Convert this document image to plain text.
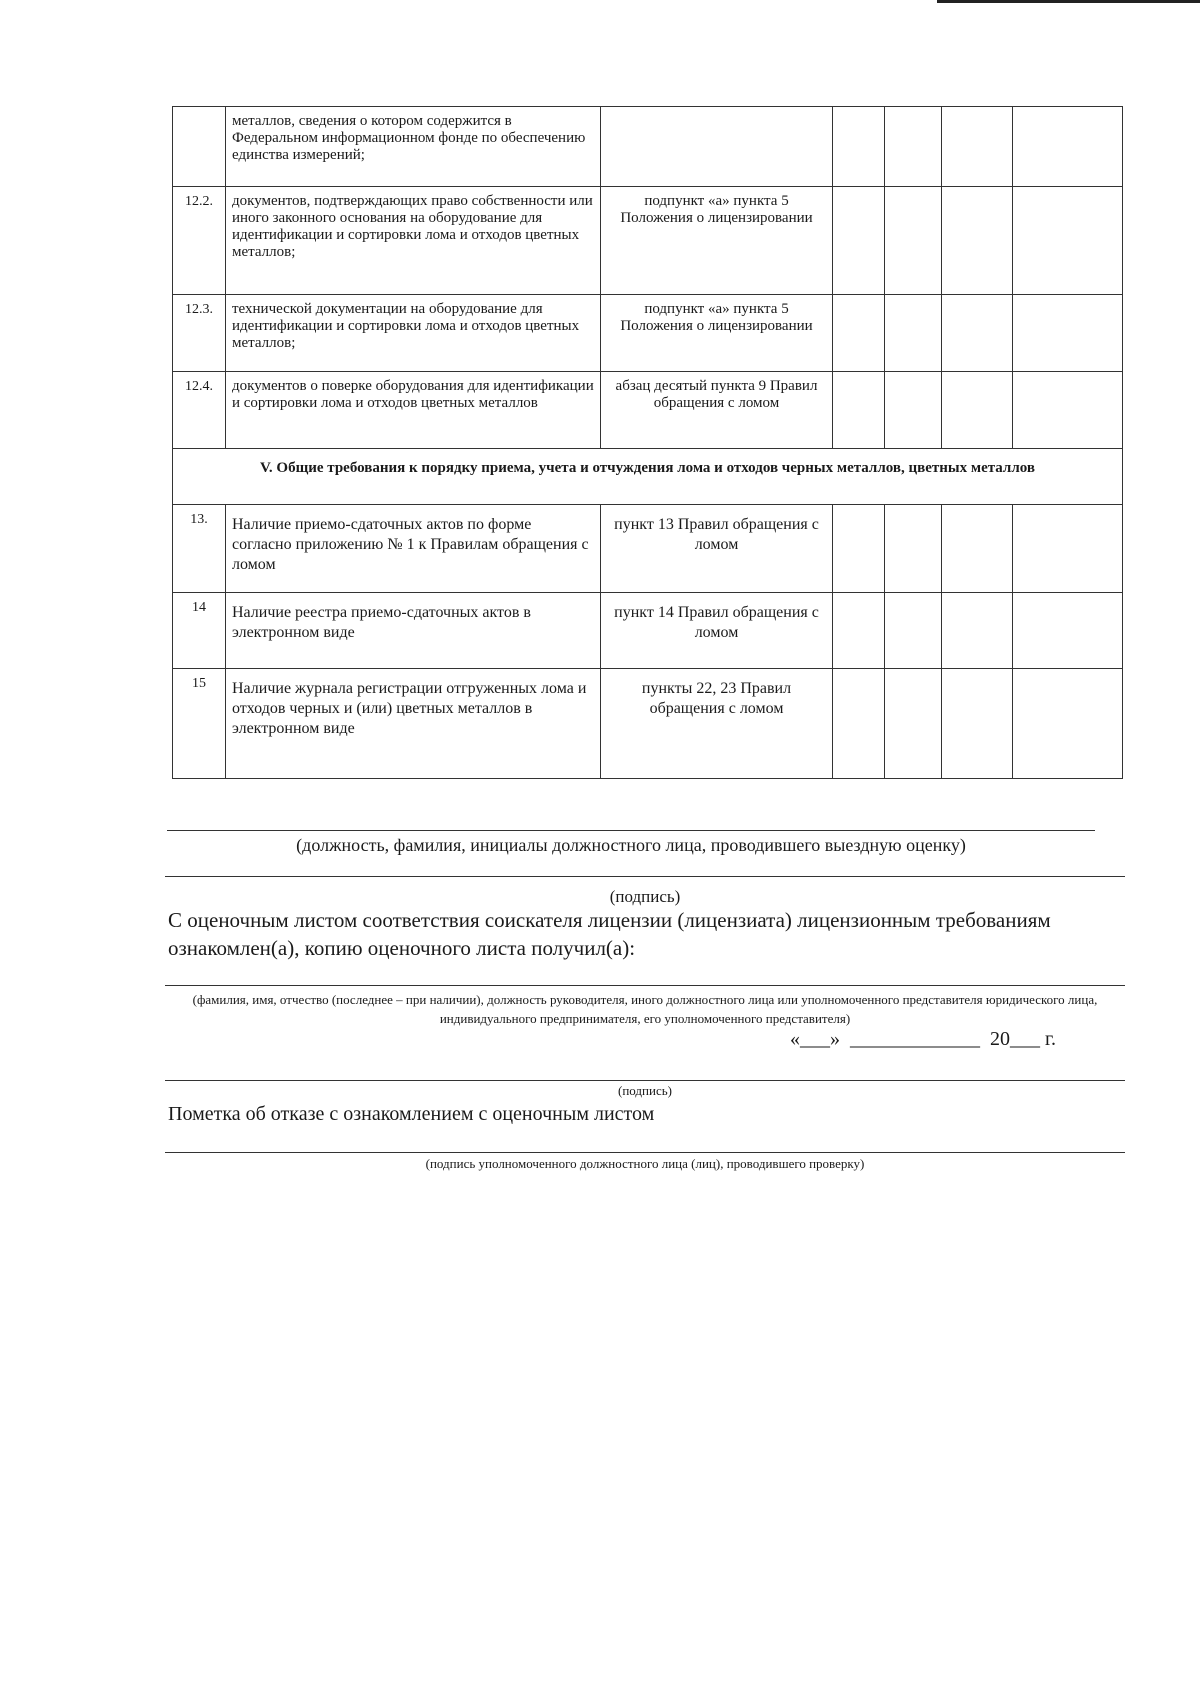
	металлов, сведения о котором содержится в Федеральном информационном фонде по обеспечению единства измерений;					
12.2.	документов, подтверждающих право собственности или иного законного основания на оборудование для идентификации и сортировки лома и отходов цветных металлов;	подпункт «а» пункта 5 Положения о лицензировании				
12.3.	технической документации на оборудование для идентификации и сортировки лома и отходов цветных металлов;	подпункт «а» пункта 5 Положения о лицензировании				
12.4.	документов о поверке оборудования для идентификации и сортировки лома и отходов цветных металлов	абзац десятый пункта 9 Правил обращения с ломом				
V. Общие требования к порядку приема, учета и отчуждения лома и отходов черных металлов, цветных металлов						
13.	Наличие приемо-сдаточных актов по форме согласно приложению № 1 к Правилам обращения с ломом	пункт 13 Правил обращения с ломом				
14	Наличие реестра приемо-сдаточных актов в электронном виде	пункт 14 Правил обращения с ломом				
15	Наличие журнала регистрации отгруженных лома и отходов черных и (или) цветных металлов в электронном виде	пункты 22, 23 Правил обращения с ломом				
(должность, фамилия, инициалы должностного лица, проводившего выездную оценку)
(подпись)
С оценочным листом соответствия соискателя лицензии (лицензиата) лицензионным требованиям ознакомлен(а), копию оценочного листа получил(а):
(фамилия, имя, отчество (последнее – при наличии), должность руководителя, иного должностного лица или уполномоченного представителя юридического лица, индивидуального предпринимателя, его уполномоченного представителя)
«___»  _____________  20___ г.
(подпись)
Пометка об отказе с ознакомлением с оценочным листом
(подпись уполномоченного должностного лица (лиц), проводившего проверку)
